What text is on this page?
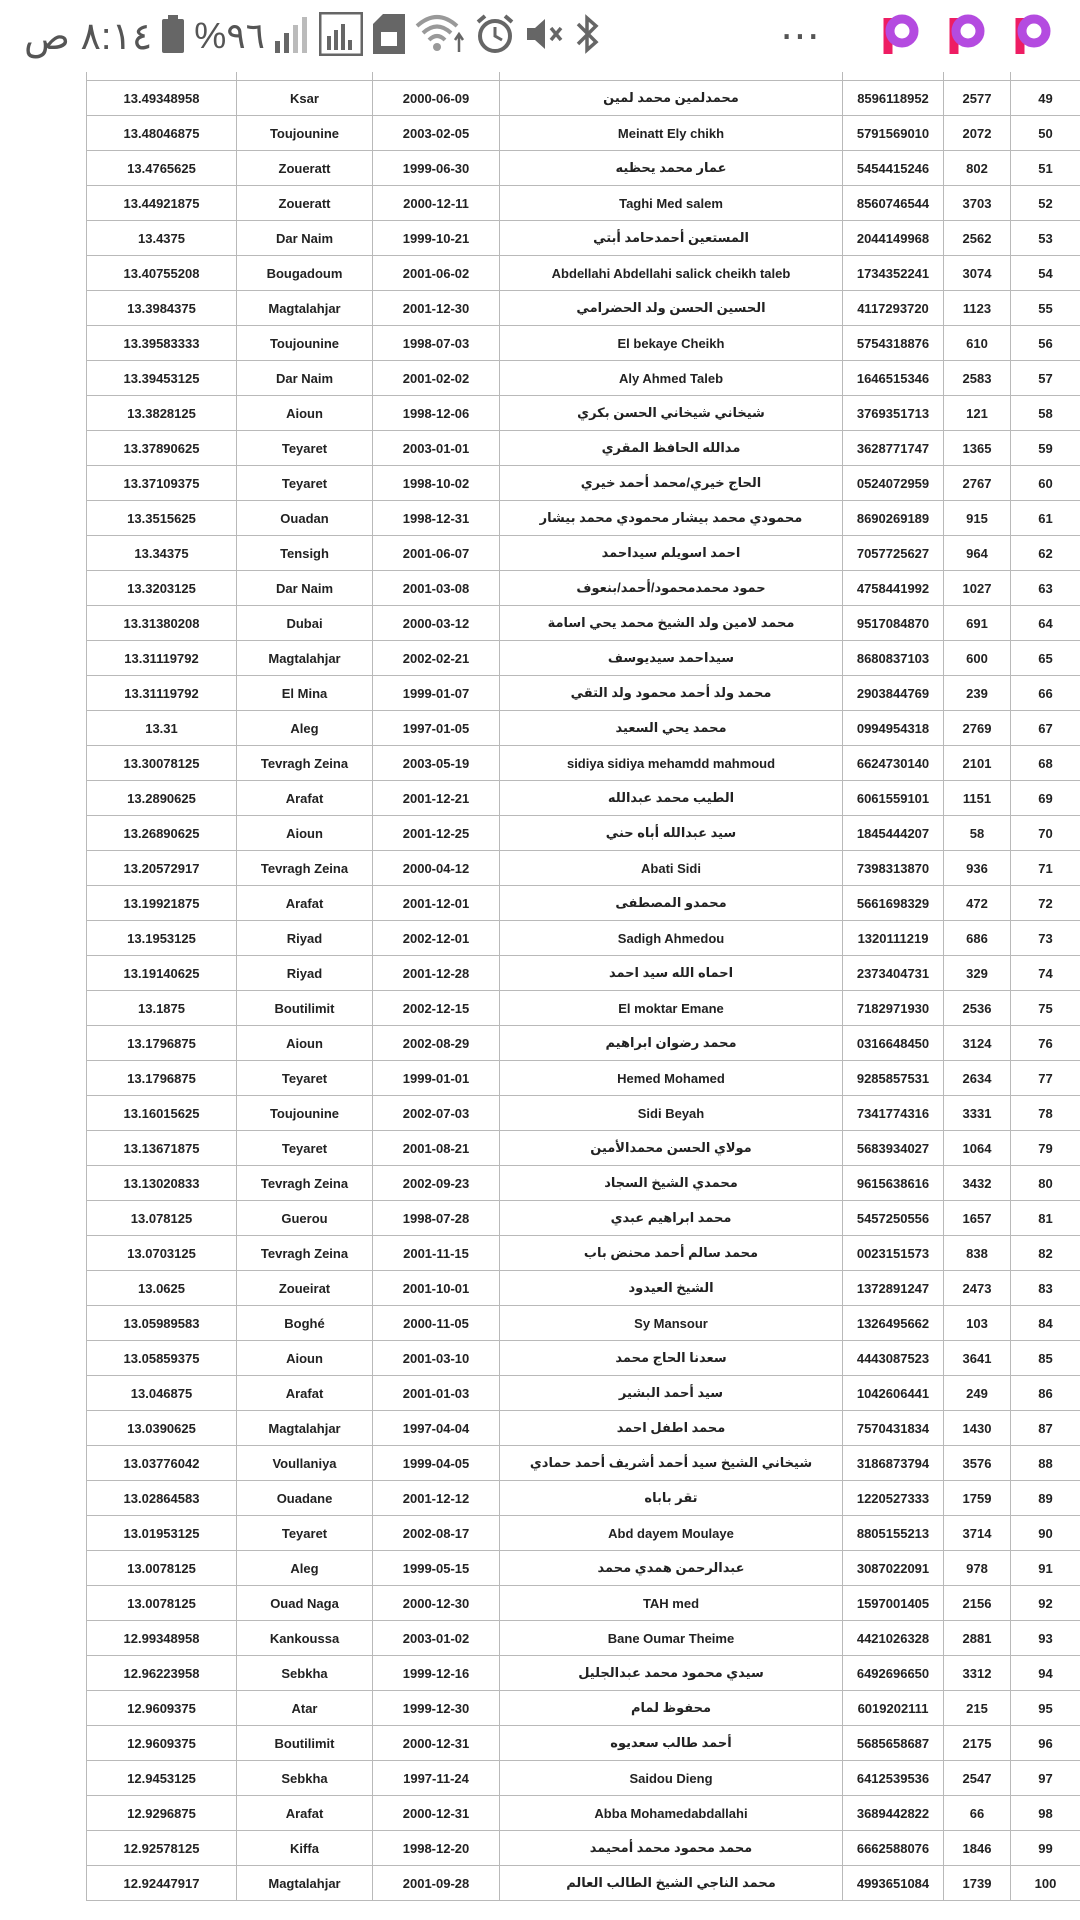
٨:١٤ ص %٩٦	⋯

13.49348958	Ksar	2000-06-09	محمدلمين محمد لمين	8596118952	2577	49
13.48046875	Toujounine	2003-02-05	Meinatt Ely chikh	5791569010	2072	50
13.4765625	Zoueratt	1999-06-30	عمار محمد يحظيه	5454415246	802	51
13.44921875	Zoueratt	2000-12-11	Taghi Med salem	8560746544	3703	52
13.4375	Dar Naim	1999-10-21	المستعين أحمدحامد أبتي	2044149968	2562	53
13.40755208	Bougadoum	2001-06-02	Abdellahi Abdellahi salick cheikh taleb	1734352241	3074	54
13.3984375	Magtalahjar	2001-12-30	الحسين الحسن ولد الحضرامي	4117293720	1123	55
13.39583333	Toujounine	1998-07-03	El bekaye Cheikh	5754318876	610	56
13.39453125	Dar Naim	2001-02-02	Aly Ahmed Taleb	1646515346	2583	57
13.3828125	Aioun	1998-12-06	شيخاني شيخاني الحسن بكري	3769351713	121	58
13.37890625	Teyaret	2003-01-01	مدالله الحافظ المقري	3628771747	1365	59
13.37109375	Teyaret	1998-10-02	الحاج خيري/محمد أحمد خيري	0524072959	2767	60
13.3515625	Ouadan	1998-12-31	محمودي محمد بيشار محمودي محمد بيشار	8690269189	915	61
13.34375	Tensigh	2001-06-07	احمد اسويلم سيداحمد	7057725627	964	62
13.3203125	Dar Naim	2001-03-08	حمود محمدمحمود/أحمد/بنعوف	4758441992	1027	63
13.31380208	Dubai	2000-03-12	محمد لامين ولد الشيخ محمد يحي اسامة	9517084870	691	64
13.31119792	Magtalahjar	2002-02-21	سيداحمد سيديوسف	8680837103	600	65
13.31119792	El Mina	1999-01-07	محمد ولد أحمد محمود ولد التقي	2903844769	239	66
13.31	Aleg	1997-01-05	محمد يحي السعيد	0994954318	2769	67
13.30078125	Tevragh Zeina	2003-05-19	sidiya sidiya mehamdd mahmoud	6624730140	2101	68
13.2890625	Arafat	2001-12-21	الطيب محمد عبدالله	6061559101	1151	69
13.26890625	Aioun	2001-12-25	سيد عبدالله أباه حني	1845444207	58	70
13.20572917	Tevragh Zeina	2000-04-12	Abati Sidi	7398313870	936	71
13.19921875	Arafat	2001-12-01	محمدو المصطفى	5661698329	472	72
13.1953125	Riyad	2002-12-01	Sadigh Ahmedou	1320111219	686	73
13.19140625	Riyad	2001-12-28	احماه الله سيد احمد	2373404731	329	74
13.1875	Boutilimit	2002-12-15	El moktar Emane	7182971930	2536	75
13.1796875	Aioun	2002-08-29	محمد رضوان ابراهيم	0316648450	3124	76
13.1796875	Teyaret	1999-01-01	Hemed Mohamed	9285857531	2634	77
13.16015625	Toujounine	2002-07-03	Sidi Beyah	7341774316	3331	78
13.13671875	Teyaret	2001-08-21	مولاي الحسن محمدالأمين	5683934027	1064	79
13.13020833	Tevragh Zeina	2002-09-23	محمدي الشيخ السجاد	9615638616	3432	80
13.078125	Guerou	1998-07-28	محمد ابراهيم عبدي	5457250556	1657	81
13.0703125	Tevragh Zeina	2001-11-15	محمد سالم أحمد محنض باب	0023151573	838	82
13.0625	Zoueirat	2001-10-01	الشيخ العيدود	1372891247	2473	83
13.05989583	Boghé	2000-11-05	Sy Mansour	1326495662	103	84
13.05859375	Aioun	2001-03-10	سعدنا الحاج محمد	4443087523	3641	85
13.046875	Arafat	2001-01-03	سيد أحمد البشير	1042606441	249	86
13.0390625	Magtalahjar	1997-04-04	محمد اطفل احمد	7570431834	1430	87
13.03776042	Voullaniya	1999-04-05	شيخاني الشيخ سيد أحمد أشريف أحمد حمادي	3186873794	3576	88
13.02864583	Ouadane	2001-12-12	تقر باباه	1220527333	1759	89
13.01953125	Teyaret	2002-08-17	Abd dayem Moulaye	8805155213	3714	90
13.0078125	Aleg	1999-05-15	عبدالرحمن همدي محمد	3087022091	978	91
13.0078125	Ouad Naga	2000-12-30	TAH med	1597001405	2156	92
12.99348958	Kankoussa	2003-01-02	Bane Oumar Theime	4421026328	2881	93
12.96223958	Sebkha	1999-12-16	سيدي محمود محمد عبدالجليل	6492696650	3312	94
12.9609375	Atar	1999-12-30	محفوظ لمام	6019202111	215	95
12.9609375	Boutilimit	2000-12-31	أحمد طالب سعديوه	5685658687	2175	96
12.9453125	Sebkha	1997-11-24	Saidou Dieng	6412539536	2547	97
12.9296875	Arafat	2000-12-31	Abba Mohamedabdallahi	3689442822	66	98
12.92578125	Kiffa	1998-12-20	محمد محمود محمد أمحيمد	6662588076	1846	99
12.92447917	Magtalahjar	2001-09-28	محمد الناجي الشيخ الطالب العالم	4993651084	1739	100
